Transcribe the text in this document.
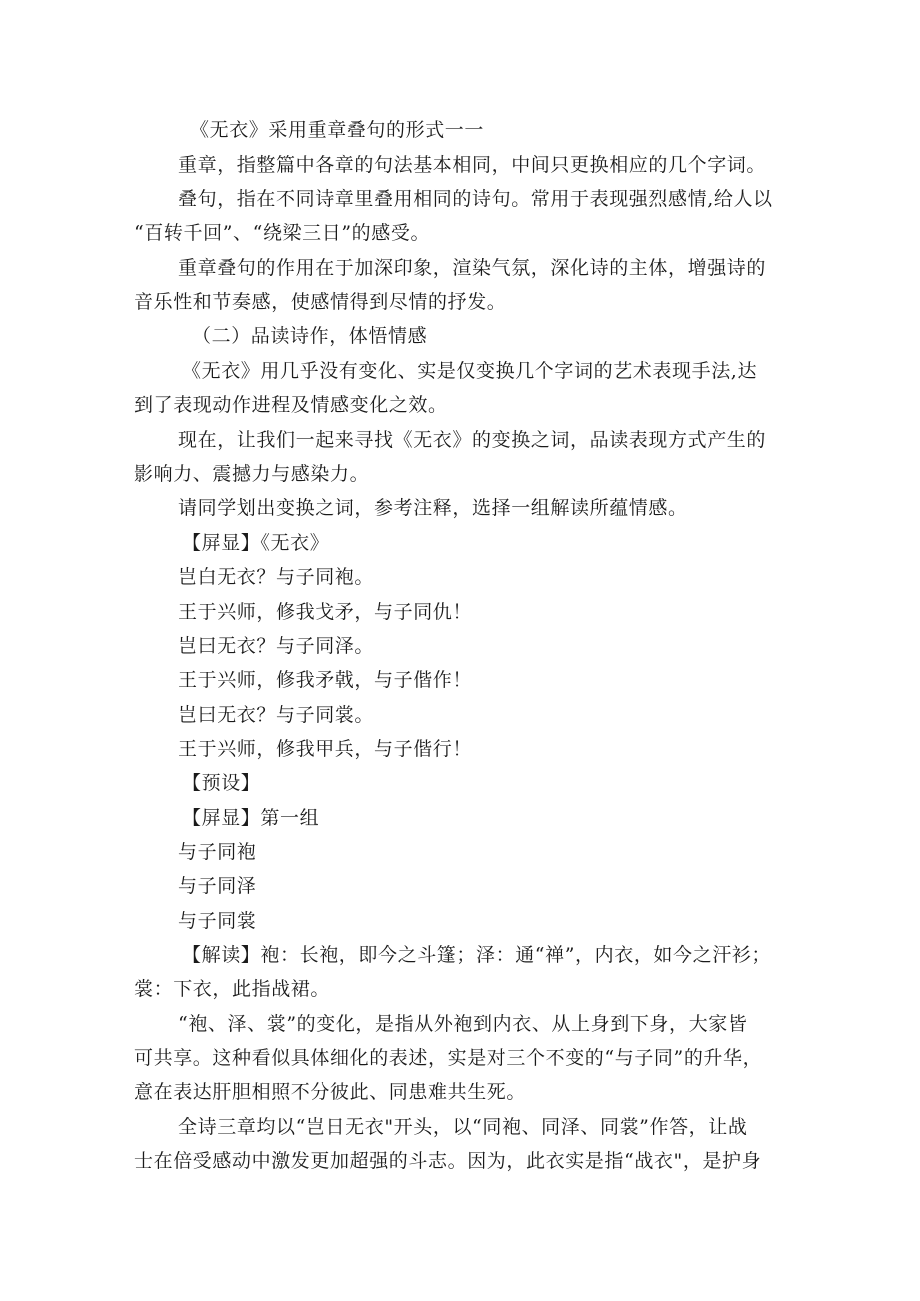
《无衣》采用重章叠句的形式一一
重章，指整篇中各章的句法基本相同，中间只更换相应的几个字词。
叠句，指在不同诗章里叠用相同的诗句。常用于表现强烈感情,给人以
“百转千回”、“绕梁三日”的感受。
重章叠句的作用在于加深印象，渲染气氛，深化诗的主体，增强诗的
音乐性和节奏感，使感情得到尽情的抒发。
（二）品读诗作，体悟情感
《无衣》用几乎没有变化、实是仅变换几个字词的艺术表现手法,达
到了表现动作进程及情感变化之效。
现在，让我们一起来寻找《无衣》的变换之词，品读表现方式产生的
影响力、震撼力与感染力。
请同学划出变换之词，参考注释，选择一组解读所蕴情感。
【屏显】《无衣》
岂白无衣？与子同袍。
王于兴师，修我戈矛，与子同仇！
岂曰无衣？与子同泽。
王于兴师，修我矛戟，与子偕作！
岂曰无衣？与子同裳。
王于兴师，修我甲兵，与子偕行！
【预设】
【屏显】第一组
与子同袍
与子同泽
与子同裳
【解读】袍：长袍，即今之斗篷；泽：通“禅”，内衣，如今之汗衫；
裳：下衣，此指战裙。
“袍、泽、裳”的变化，是指从外袍到内衣、从上身到下身，大家皆
可共享。这种看似具体细化的表述，实是对三个不变的“与子同”的升华，
意在表达肝胆相照不分彼此、同患难共生死。
全诗三章均以“岂日无衣"开头，以“同袍、同泽、同裳”作答，让战
士在倍受感动中激发更加超强的斗志。因为，此衣实是指“战衣"，是护身
